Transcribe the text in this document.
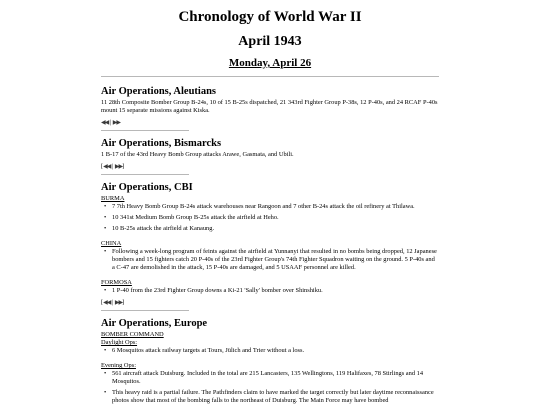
Chronology of World War II
April 1943
Monday, April 26
Air Operations, Aleutians

11 28th Composite Bomber Group B-24s, 10 of 15 B-25s dispatched, 21 343rd Fighter Group P-38s, 12 P-40s, and 24 RCAF P-40s mount 15 separate missions against Kiska.

◀◀ | ▶▶
Air Operations, Bismarcks

1 B-17 of the 43rd Heavy Bomb Group attacks Arawe, Gasmata, and Ubili.

[◀◀ | ▶▶]
Air Operations, CBI

BURMA

• 7 7th Heavy Bomb Group B-24s attack warehouses near Rangoon and 7 other B-24s attack the oil refinery at Thilawa.
• 10 341st Medium Bomb Group B-25s attack the airfield at Heho.
• 10 B-25s attack the airfield at Kanaung.

CHINA

• Following a week-long program of feints against the airfield at Yunnanyi that resulted in no bombs being dropped, 12 Japanese bombers and 15 fighters catch 20 P-40s of the 23rd Fighter Group's 74th Fighter Squadron waiting on the ground. 5 P-40s and a C-47 are demolished in the attack, 15 P-40s are damaged, and 5 USAAF personnel are killed.

FORMOSA

• 1 P-40 from the 23rd Fighter Group downs a Ki-21 'Sally' bomber over Shinshiku.
[◀◀ | ▶▶]
Air Operations, Europe

BOMBER COMMAND

Daylight Ops:

• 6 Mosquitos attack railway targets at Tours, Jülich and Trier without a loss.

Evening Ops:

• 561 aircraft attack Duisburg. Included in the total are 215 Lancasters, 135 Wellingtons, 119 Halifaxes, 78 Stirlings and 14 Mosquitos.
• This heavy raid is a partial failure. The Pathfinders claim to have marked the target correctly but later daytime reconnaissance photos show that most of the bombing falls to the northeast of Duisburg. The Main Force may have bombed
